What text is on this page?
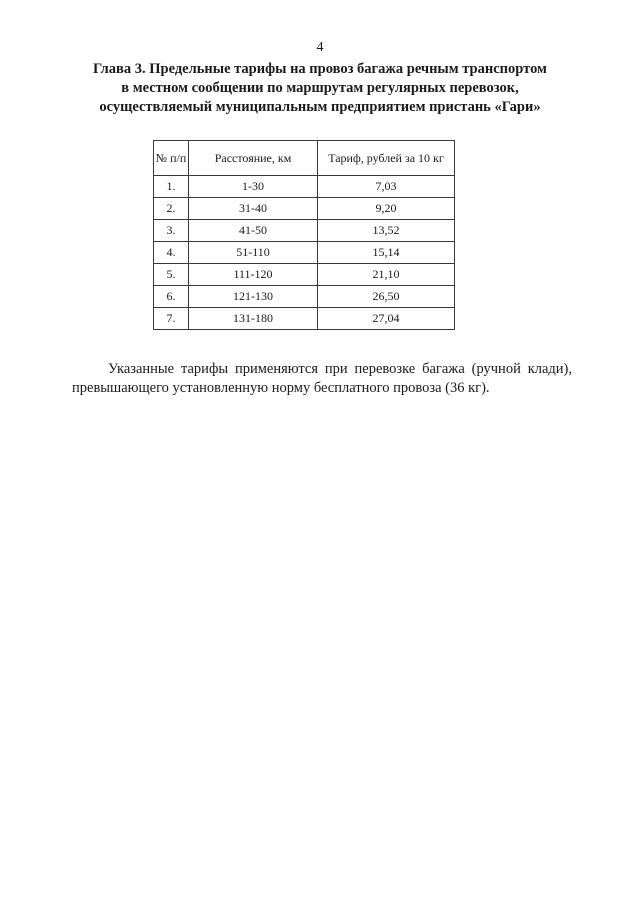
4
Глава 3. Предельные тарифы на провоз багажа речным транспортом
в местном сообщении по маршрутам регулярных перевозок,
осуществляемый муниципальным предприятием пристань «Гари»
№ п/п	Расстояние, км	Тариф, рублей за 10 кг
1.	1-30	7,03
2.	31-40	9,20
3.	41-50	13,52
4.	51-110	15,14
5.	111-120	21,10
6.	121-130	26,50
7.	131-180	27,04

Указанные тарифы применяются при перевозке багажа (ручной клади), превышающего установленную норму бесплатного провоза (36 кг).
